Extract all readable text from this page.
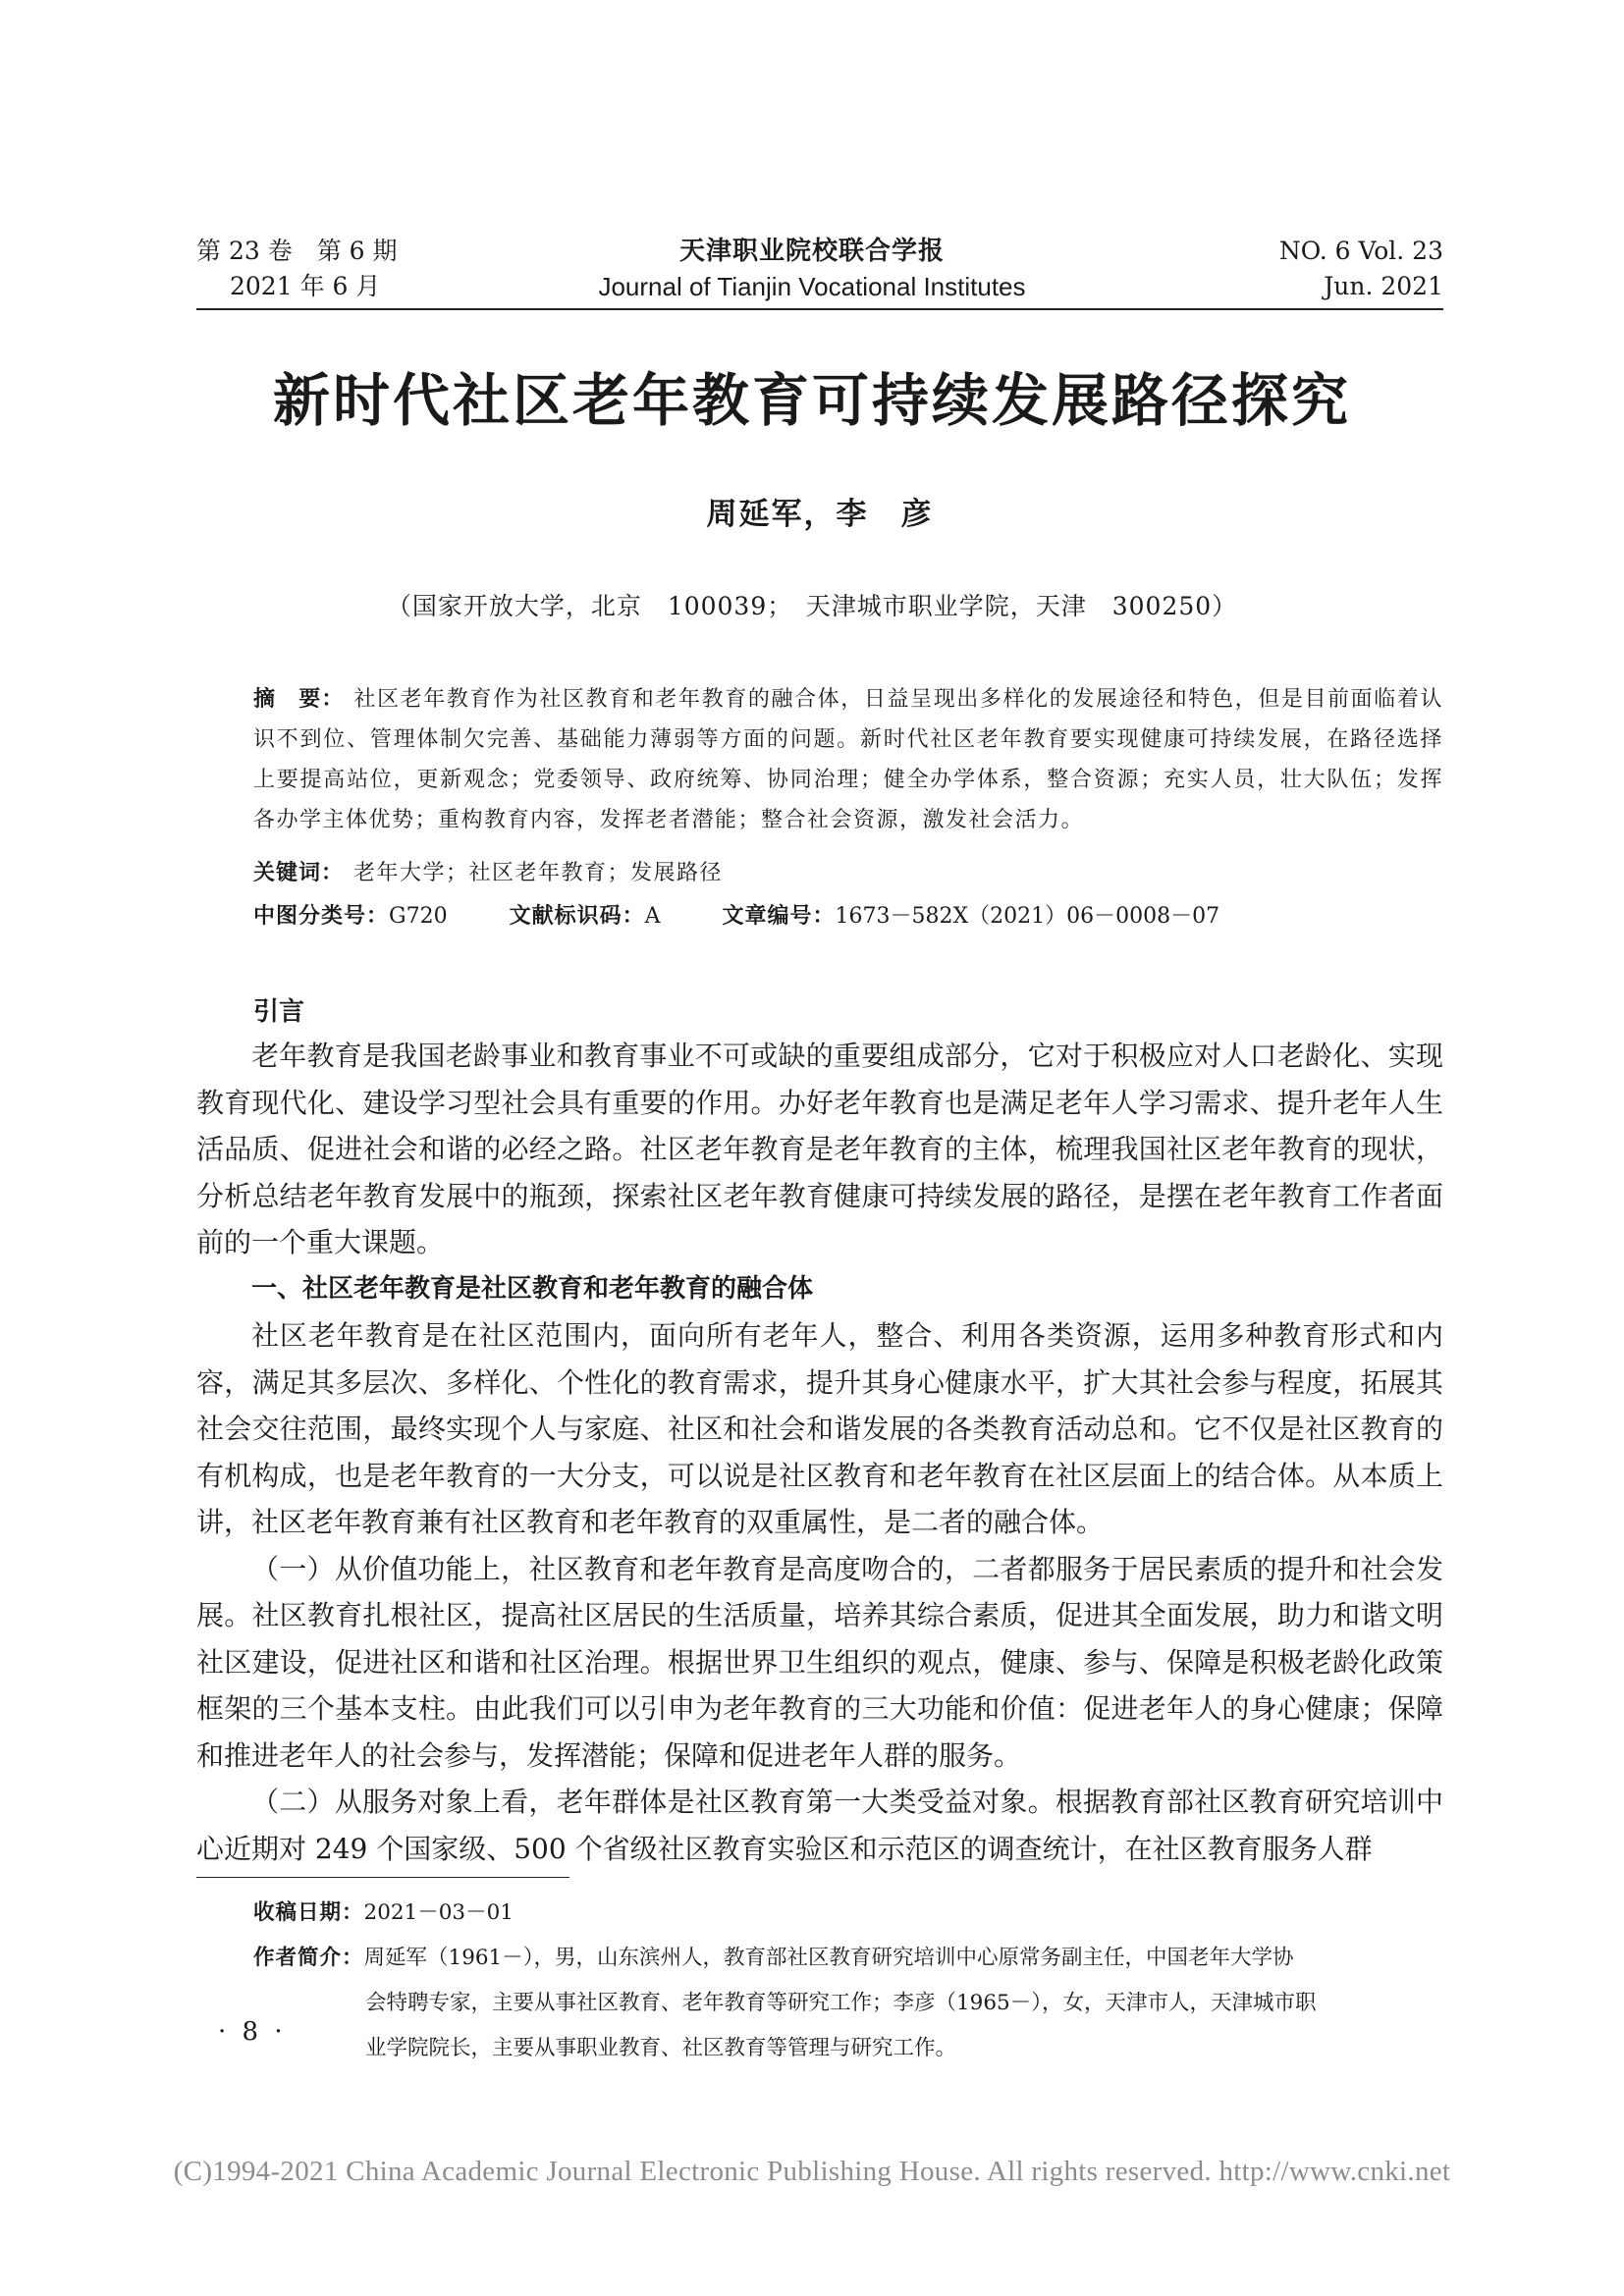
第 23 卷　第 6 期
2021 年 6 月
天津职业院校联合学报
Journal of Tianjin Vocational Institutes
NO. 6 Vol. 23
Jun. 2021
新时代社区老年教育可持续发展路径探究
周延军，李　彦
（国家开放大学，北京　100039；　天津城市职业学院，天津　300250）
摘　要： 社区老年教育作为社区教育和老年教育的融合体，日益呈现出多样化的发展途径和特色，但是目前面临着认识不到位、管理体制欠完善、基础能力薄弱等方面的问题。新时代社区老年教育要实现健康可持续发展，在路径选择上要提高站位，更新观念；党委领导、政府统筹、协同治理；健全办学体系，整合资源；充实人员，壮大队伍；发挥各办学主体优势；重构教育内容，发挥老者潜能；整合社会资源，激发社会活力。
关键词： 老年大学；社区老年教育；发展路径
中图分类号：G720	文献标识码：A	文章编号：1673－582X（2021）06－0008－07
引言

老年教育是我国老龄事业和教育事业不可或缺的重要组成部分，它对于积极应对人口老龄化、实现教育现代化、建设学习型社会具有重要的作用。办好老年教育也是满足老年人学习需求、提升老年人生活品质、促进社会和谐的必经之路。社区老年教育是老年教育的主体，梳理我国社区老年教育的现状，分析总结老年教育发展中的瓶颈，探索社区老年教育健康可持续发展的路径，是摆在老年教育工作者面前的一个重大课题。

一、社区老年教育是社区教育和老年教育的融合体

社区老年教育是在社区范围内，面向所有老年人，整合、利用各类资源，运用多种教育形式和内容，满足其多层次、多样化、个性化的教育需求，提升其身心健康水平，扩大其社会参与程度，拓展其社会交往范围，最终实现个人与家庭、社区和社会和谐发展的各类教育活动总和。它不仅是社区教育的有机构成，也是老年教育的一大分支，可以说是社区教育和老年教育在社区层面上的结合体。从本质上讲，社区老年教育兼有社区教育和老年教育的双重属性，是二者的融合体。

（一）从价值功能上，社区教育和老年教育是高度吻合的，二者都服务于居民素质的提升和社会发展。社区教育扎根社区，提高社区居民的生活质量，培养其综合素质，促进其全面发展，助力和谐文明社区建设，促进社区和谐和社区治理。根据世界卫生组织的观点，健康、参与、保障是积极老龄化政策框架的三个基本支柱。由此我们可以引申为老年教育的三大功能和价值：促进老年人的身心健康；保障和推进老年人的社会参与，发挥潜能；保障和促进老年人群的服务。

（二）从服务对象上看，老年群体是社区教育第一大类受益对象。根据教育部社区教育研究培训中心近期对 249 个国家级、500 个省级社区教育实验区和示范区的调查统计，在社区教育服务人群

收稿日期： 2021－03－01
作者简介： 周延军（1961－），男，山东滨州人，教育部社区教育研究培训中心原常务副主任，中国老年大学协
会特聘专家，主要从事社区教育、老年教育等研究工作；李彦（1965－），女，天津市人，天津城市职
业学院院长，主要从事职业教育、社区教育等管理与研究工作。
· 8 ·
(C)1994-2021 China Academic Journal Electronic Publishing House. All rights reserved. http://www.cnki.net
